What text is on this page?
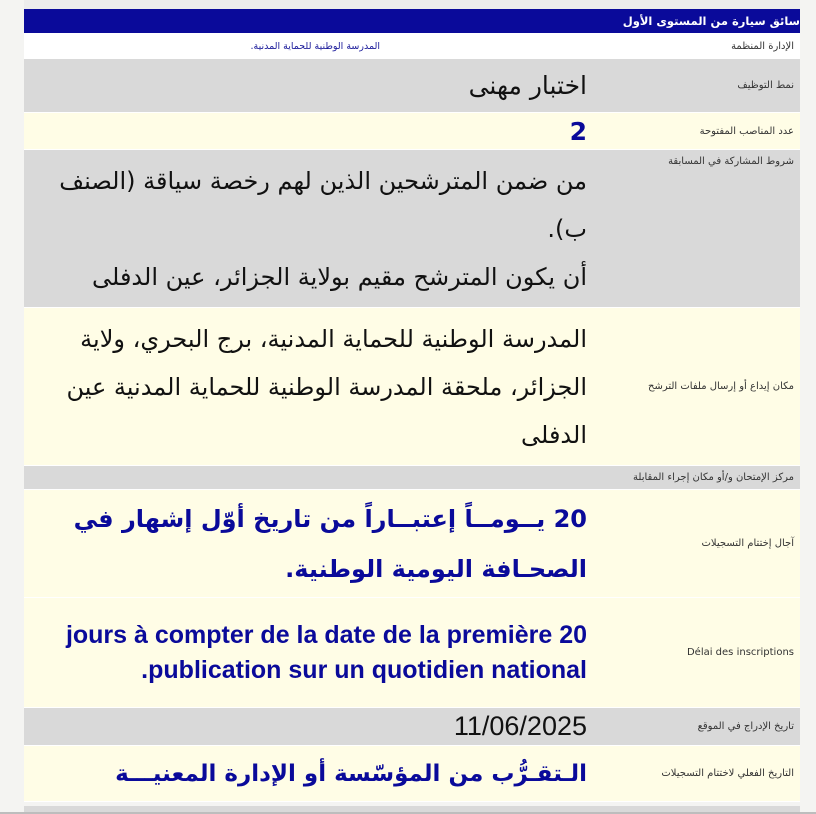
سائق سيارة من المستوى الأول	
الإدارة المنظمة	المدرسة الوطنية للحماية المدنية.
نمط التوظيف	اختبار مهنى
عدد المناصب المفتوحة	2
شروط المشاركة في المسابقة	من ضمن المترشحين الذين لهم رخصة سياقة (الصنف ب).

أن يكون المترشح مقيم بولاية الجزائر، عين الدفلى

مكان إيداع أو إرسال ملفات الترشح	المدرسة الوطنية للحماية المدنية، برج البحري، ولاية الجزائر، ملحقة المدرسة الوطنية للحماية المدنية عين الدفلى
مركز الإمتحان و/أو مكان إجراء المقابلة	
آجال إختتام التسجيلات	20 يــومــاً إعتبــاراً من تاريخ أوّل إشهار في الصحـافة اليومية الوطنية.

Délai des inscriptions	20 jours à compter de la date de la première publication sur un quotidien national.

تاريخ الإدراج في الموقع	11/06/2025
التاريخ الفعلي لاختتام التسجيلات	الـتقـرُّب من المؤسّسة أو الإدارة المعنيـــة
